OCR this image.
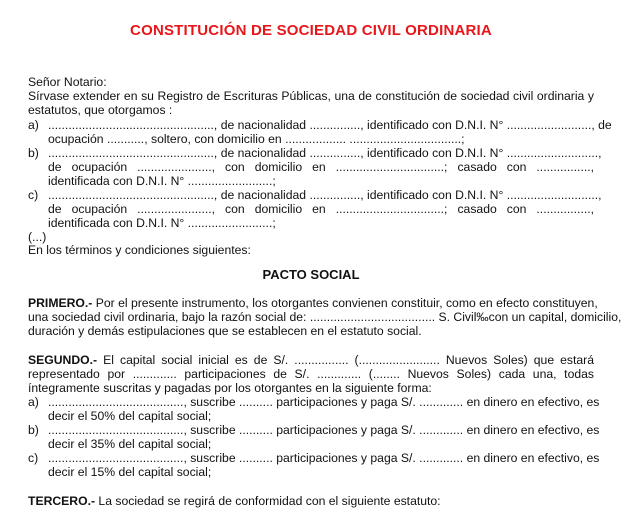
CONSTITUCIÓN DE SOCIEDAD CIVIL ORDINARIA
Señor Notario:
Sírvase extender en su Registro de Escrituras Públicas, una de constitución de sociedad civil ordinaria y
estatutos, que otorgamos :
a) ................................................., de nacionalidad ..............., identificado con D.N.I. N° ........................., de
ocupación ..........., soltero, con domicilio en .................. .................................;
b) ................................................., de nacionalidad ..............., identificado con D.N.I. N° ...........................,
de ocupación ......................, con domicilio en ................................; casado con ................,
identificada con D.N.I. N° .........................;
c) ................................................., de nacionalidad ..............., identificado con D.N.I. N° ...........................,
de ocupación ......................, con domicilio en ................................; casado con ................,
identificada con D.N.I. N° .........................;
(...)
En los términos y condiciones siguientes:
PACTO SOCIAL
PRIMERO.- Por el presente instrumento, los otorgantes convienen constituir, como en efecto constituyen,
una sociedad civil ordinaria, bajo la razón social de: ..................................... S. Civil‰con un capital, domicilio,
duración y demás estipulaciones que se establecen en el estatuto social.
SEGUNDO.- El capital social inicial es de S/. ................ (........................ Nuevos Soles) que estará
representado por ............. participaciones de S/. ............. (........ Nuevos Soles) cada una, todas
íntegramente suscritas y pagadas por los otorgantes en la siguiente forma:
a) ........................................, suscribe .......... participaciones y paga S/. ............. en dinero en efectivo, es
decir el 50% del capital social;
b) ........................................, suscribe .......... participaciones y paga S/. ............. en dinero en efectivo, es
decir el 35% del capital social;
c) ........................................, suscribe .......... participaciones y paga S/. ............. en dinero en efectivo, es
decir el 15% del capital social;
TERCERO.- La sociedad se regirá de conformidad con el siguiente estatuto:
